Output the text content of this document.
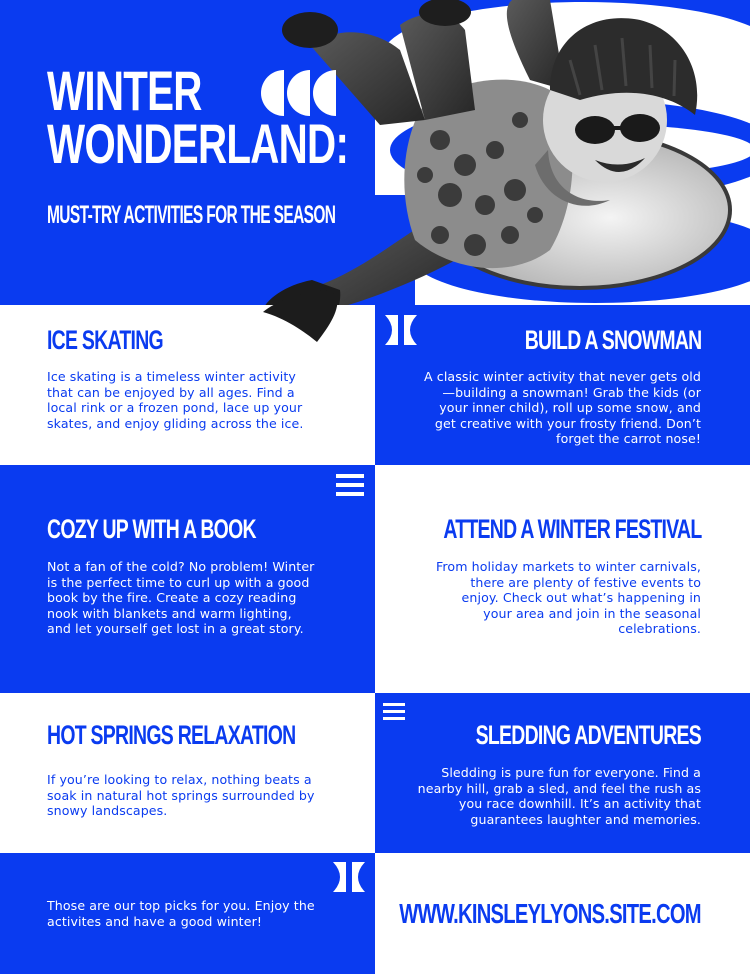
WINTER
WONDERLAND:
MUST-TRY ACTIVITIES FOR THE SEASON
ICE SKATING
Ice skating is a timeless winter activity that can be enjoyed by all ages. Find a local rink or a frozen pond, lace up your skates, and enjoy gliding across the ice.
BUILD A SNOWMAN
A classic winter activity that never gets old—building a snowman! Grab the kids (or your inner child), roll up some snow, and get creative with your frosty friend. Don’t forget the carrot nose!
COZY UP WITH A BOOK
Not a fan of the cold? No problem! Winter is the perfect time to curl up with a good book by the fire. Create a cozy reading nook with blankets and warm lighting, and let yourself get lost in a great story.
ATTEND A WINTER FESTIVAL
From holiday markets to winter carnivals, there are plenty of festive events to enjoy. Check out what’s happening in your area and join in the seasonal celebrations.
HOT SPRINGS RELAXATION
If you’re looking to relax, nothing beats a soak in natural hot springs surrounded by snowy landscapes.
SLEDDING ADVENTURES
Sledding is pure fun for everyone. Find a nearby hill, grab a sled, and feel the rush as you race downhill. It’s an activity that guarantees laughter and memories.
Those are our top picks for you. Enjoy the activites and have a good winter!	WWW.KINSLEYLYONS.SITE.COM
